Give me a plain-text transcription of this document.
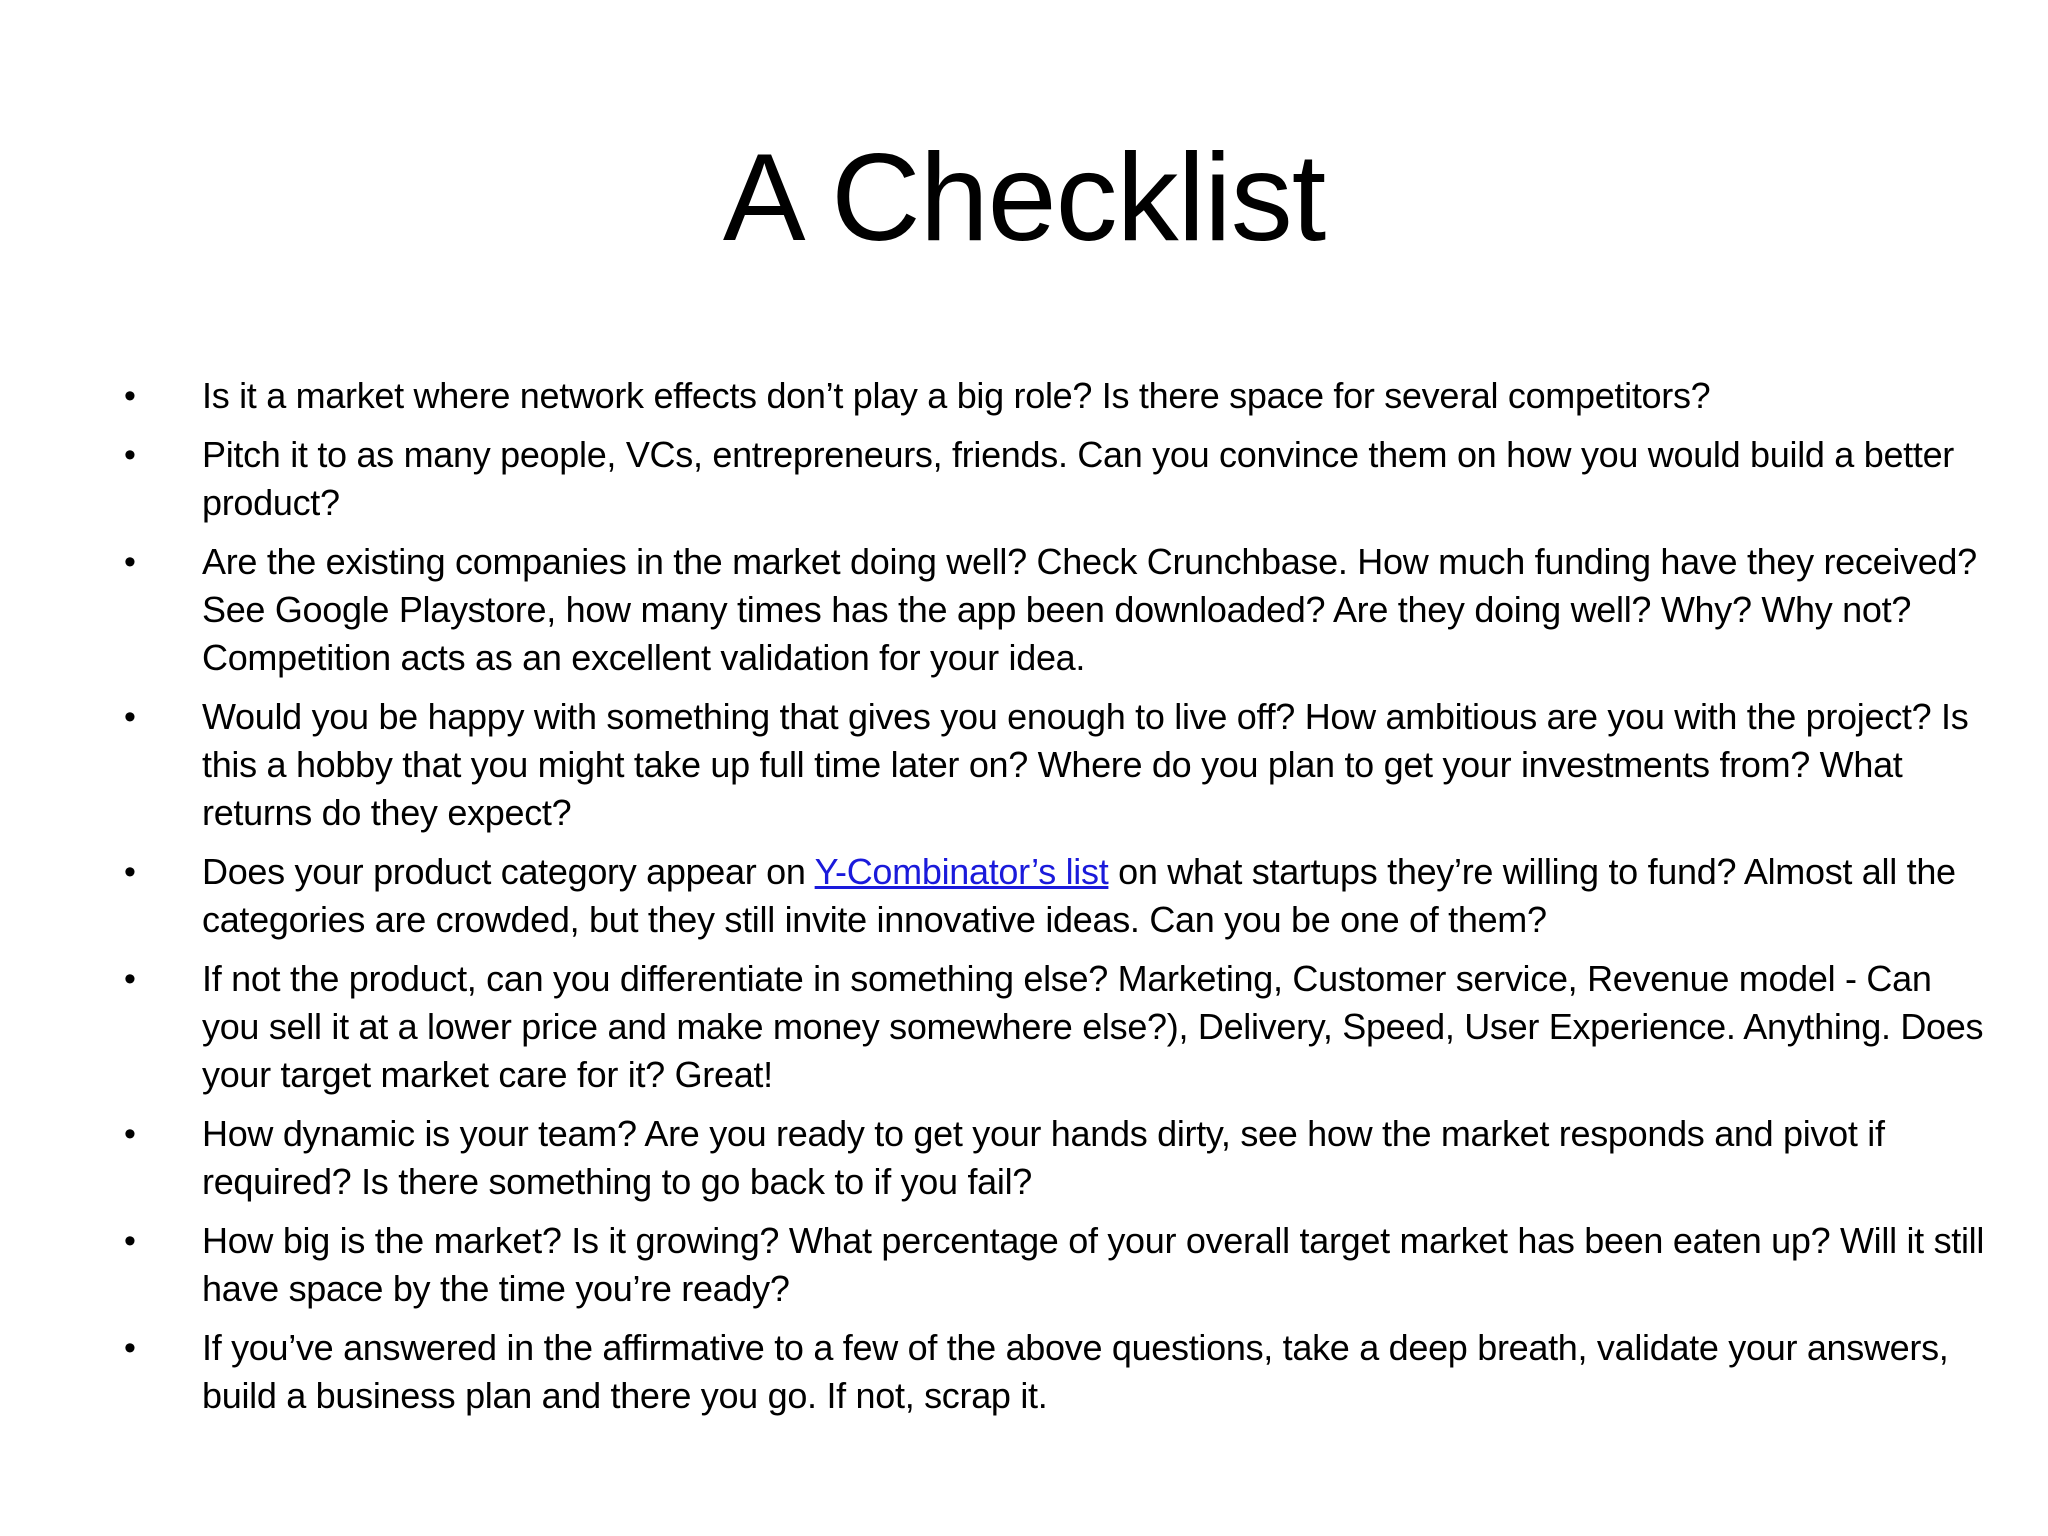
A Checklist
• Is it a market where network effects don’t play a big role? Is there space for several competitors?
• Pitch it to as many people, VCs, entrepreneurs, friends. Can you convince them on how you would build a better product?
• Are the existing companies in the market doing well? Check Crunchbase. How much funding have they received? See Google Playstore, how many times has the app been downloaded? Are they doing well? Why? Why not? Competition acts as an excellent validation for your idea.
• Would you be happy with something that gives you enough to live off? How ambitious are you with the project? Is this a hobby that you might take up full time later on? Where do you plan to get your investments from? What returns do they expect?
• Does your product category appear on Y-Combinator’s list on what startups they’re willing to fund? Almost all the categories are crowded, but they still invite innovative ideas. Can you be one of them?
• If not the product, can you differentiate in something else? Marketing, Customer service, Revenue model - Can you sell it at a lower price and make money somewhere else?), Delivery, Speed, User Experience. Anything. Does your target market care for it? Great!
• How dynamic is your team? Are you ready to get your hands dirty, see how the market responds and pivot if required? Is there something to go back to if you fail?
• How big is the market? Is it growing? What percentage of your overall target market has been eaten up? Will it still have space by the time you’re ready?
• If you’ve answered in the affirmative to a few of the above questions, take a deep breath, validate your answers, build a business plan and there you go. If not, scrap it.
